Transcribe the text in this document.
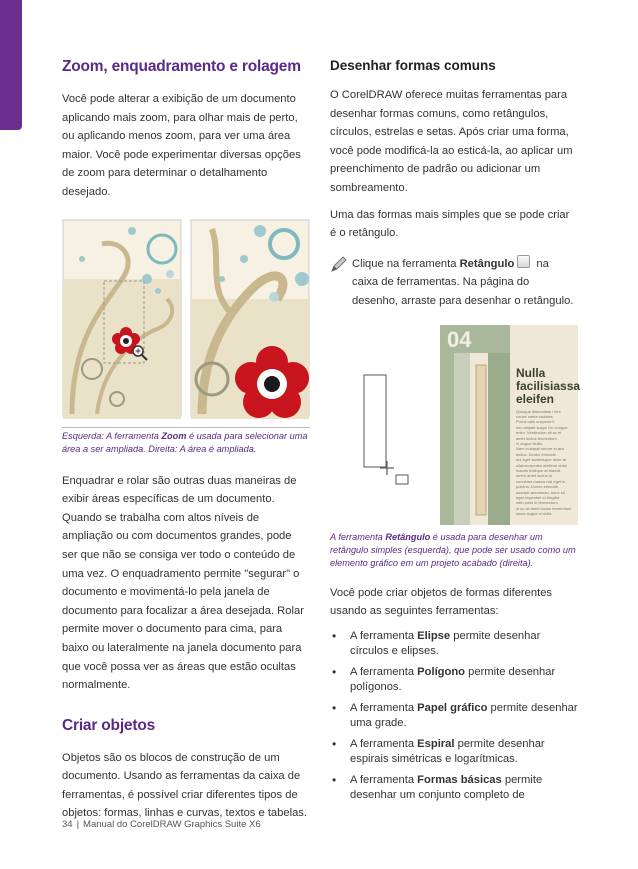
Zoom, enquadramento e rolagem

Você pode alterar a exibição de um documento aplicando mais zoom, para olhar mais de perto, ou aplicando menos zoom, para ver uma área maior. Você pode experimentar diversas opções de zoom para determinar o detalhamento desejado.

Esquerda: A ferramenta Zoom é usada para selecionar uma área a ser ampliada. Direita: A área é ampliada.

Enquadrar e rolar são outras duas maneiras de exibir áreas específicas de um documento. Quando se trabalha com altos níveis de ampliação ou com documentos grandes, pode ser que não se consiga ver todo o conteúdo de uma vez. O enquadramento permite "segurar" o documento e movimentá-lo pela janela de documento para focalizar a área desejada. Rolar permite mover o documento para cima, para baixo ou lateralmente na janela documento para que você possa ver as áreas que estão ocultas normalmente.

Criar objetos

Objetos são os blocos de construção de um documento. Usando as ferramentas da caixa de ferramentas, é possível criar diferentes tipos de objetos: formas, linhas e curvas, textos e tabelas.

Desenhar formas comuns

O CorelDRAW oferece muitas ferramentas para desenhar formas comuns, como retângulos, círculos, estrelas e setas. Após criar uma forma, você pode modificá-la ao esticá-la, ao aplicar um preenchimento de padrão ou adicionar um sombreamento.

Uma das formas mais simples que se pode criar é o retângulo.

Clique na ferramenta Retângulo na caixa de ferramentas. Na página do desenho, arraste para desenhar o retângulo.

04
Nulla facilisiassa eleifen
Quisque dismodass i bex
conse ctetur sodales.
Purus odio suspend it
nec aliquet suspe Du congue
enim. Vestibulum sit ac et
amet luctus fermentum
in augue Nulla.
Nam volutpat rutrum et arci
lectus. Donec emnode
dui eget scelerisque dolor at
ullamcorpedes eleifend dolor
mauris tristique at blandit
lorem amet luctus tu
conubian massa nisl eget in
pulvina. Donec emnode
suscipit accumsan, nunc sit
eget imperdiet id fringilla
nibh justo in fermentum
id ac sit amet luctus fermentum
lacus augue in nulla.

A ferramenta Retângulo é usada para desenhar um retângulo simples (esquerda), que pode ser usado como um elemento gráfico em um projeto acabado (direita).

Você pode criar objetos de formas diferentes usando as seguintes ferramentas:

• A ferramenta Elipse permite desenhar círculos e elipses.
• A ferramenta Polígono permite desenhar polígonos.
• A ferramenta Papel gráfico permite desenhar uma grade.
• A ferramenta Espiral permite desenhar espirais simétricas e logarítmicas.
• A ferramenta Formas básicas permite desenhar um conjunto completo de
34 | Manual do CorelDRAW Graphics Suite X6
